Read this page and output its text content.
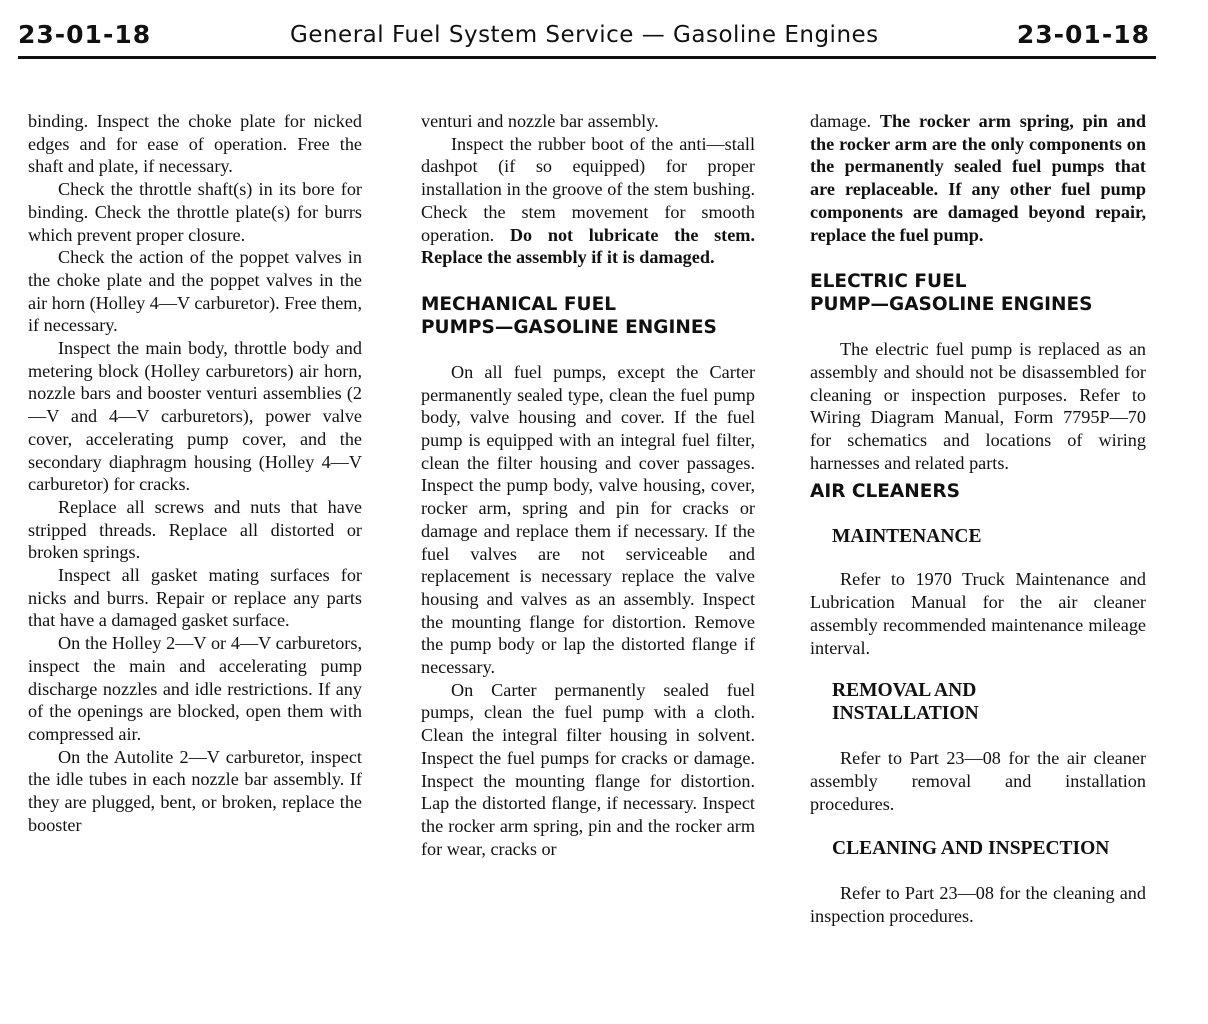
23-01-18	General Fuel System Service — Gasoline Engines	23-01-18

binding. Inspect the choke plate for nicked edges and for ease of operation. Free the shaft and plate, if necessary.

Check the throttle shaft(s) in its bore for binding. Check the throttle plate(s) for burrs which prevent proper closure.

Check the action of the poppet valves in the choke plate and the poppet valves in the air horn (Holley 4—V carburetor). Free them, if necessary.

Inspect the main body, throttle body and metering block (Holley carburetors) air horn, nozzle bars and booster venturi assemblies (2—V and 4—V carburetors), power valve cover, accelerating pump cover, and the secondary diaphragm housing (Holley 4—V carburetor) for cracks.

Replace all screws and nuts that have stripped threads. Replace all distorted or broken springs.

Inspect all gasket mating surfaces for nicks and burrs. Repair or replace any parts that have a damaged gasket surface.

On the Holley 2—V or 4—V carburetors, inspect the main and accelerating pump discharge nozzles and idle restrictions. If any of the openings are blocked, open them with compressed air.

On the Autolite 2—V carburetor, inspect the idle tubes in each nozzle bar assembly. If they are plugged, bent, or broken, replace the booster

venturi and nozzle bar assembly.

Inspect the rubber boot of the anti—stall dashpot (if so equipped) for proper installation in the groove of the stem bushing. Check the stem movement for smooth operation. Do not lubricate the stem. Replace the assembly if it is damaged.

MECHANICAL FUEL
PUMPS—GASOLINE ENGINES

On all fuel pumps, except the Carter permanently sealed type, clean the fuel pump body, valve housing and cover. If the fuel pump is equipped with an integral fuel filter, clean the filter housing and cover passages. Inspect the pump body, valve housing, cover, rocker arm, spring and pin for cracks or damage and replace them if necessary. If the fuel valves are not serviceable and replacement is necessary replace the valve housing and valves as an assembly. Inspect the mounting flange for distortion. Remove the pump body or lap the distorted flange if necessary.

On Carter permanently sealed fuel pumps, clean the fuel pump with a cloth. Clean the integral filter housing in solvent. Inspect the fuel pumps for cracks or damage. Inspect the mounting flange for distortion. Lap the distorted flange, if necessary. Inspect the rocker arm spring, pin and the rocker arm for wear, cracks or

damage. The rocker arm spring, pin and the rocker arm are the only components on the permanently sealed fuel pumps that are replaceable. If any other fuel pump components are damaged beyond repair, replace the fuel pump.

ELECTRIC FUEL
PUMP—GASOLINE ENGINES

The electric fuel pump is replaced as an assembly and should not be disassembled for cleaning or inspection purposes. Refer to Wiring Diagram Manual, Form 7795P—70 for schematics and locations of wiring harnesses and related parts.

AIR CLEANERS
MAINTENANCE

Refer to 1970 Truck Maintenance and Lubrication Manual for the air cleaner assembly recommended maintenance mileage interval.

REMOVAL AND
INSTALLATION

Refer to Part 23—08 for the air cleaner assembly removal and installation procedures.

CLEANING AND INSPECTION

Refer to Part 23—08 for the cleaning and inspection procedures.
